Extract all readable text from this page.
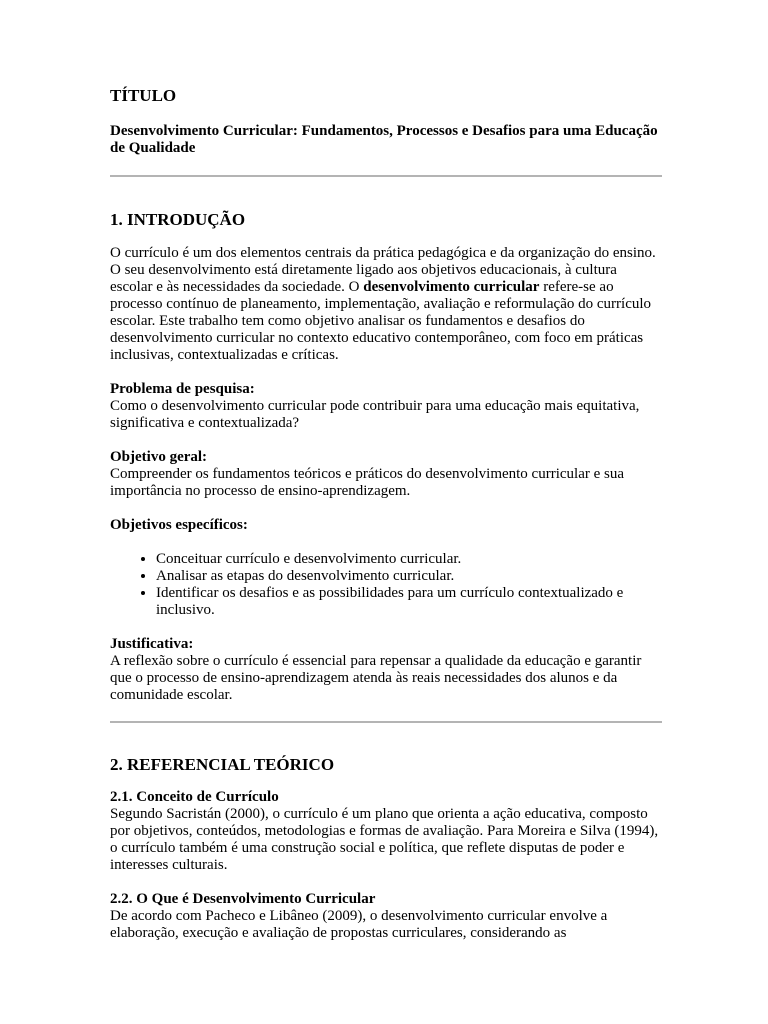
TÍTULO

Desenvolvimento Curricular: Fundamentos, Processos e Desafios para uma Educação de Qualidade

1. INTRODUÇÃO

O currículo é um dos elementos centrais da prática pedagógica e da organização do ensino. O seu desenvolvimento está diretamente ligado aos objetivos educacionais, à cultura escolar e às necessidades da sociedade. O desenvolvimento curricular refere-se ao processo contínuo de planeamento, implementação, avaliação e reformulação do currículo escolar. Este trabalho tem como objetivo analisar os fundamentos e desafios do desenvolvimento curricular no contexto educativo contemporâneo, com foco em práticas inclusivas, contextualizadas e críticas.

Problema de pesquisa:

Como o desenvolvimento curricular pode contribuir para uma educação mais equitativa, significativa e contextualizada?

Objetivo geral:

Compreender os fundamentos teóricos e práticos do desenvolvimento curricular e sua importância no processo de ensino-aprendizagem.

Objetivos específicos:

• Conceituar currículo e desenvolvimento curricular.
• Analisar as etapas do desenvolvimento curricular.
• Identificar os desafios e as possibilidades para um currículo contextualizado e inclusivo.

Justificativa:

A reflexão sobre o currículo é essencial para repensar a qualidade da educação e garantir que o processo de ensino-aprendizagem atenda às reais necessidades dos alunos e da comunidade escolar.

2. REFERENCIAL TEÓRICO
2.1. Conceito de Currículo

Segundo Sacristán (2000), o currículo é um plano que orienta a ação educativa, composto por objetivos, conteúdos, metodologias e formas de avaliação. Para Moreira e Silva (1994), o currículo também é uma construção social e política, que reflete disputas de poder e interesses culturais.

2.2. O Que é Desenvolvimento Curricular

De acordo com Pacheco e Libâneo (2009), o desenvolvimento curricular envolve a elaboração, execução e avaliação de propostas curriculares, considerando as
